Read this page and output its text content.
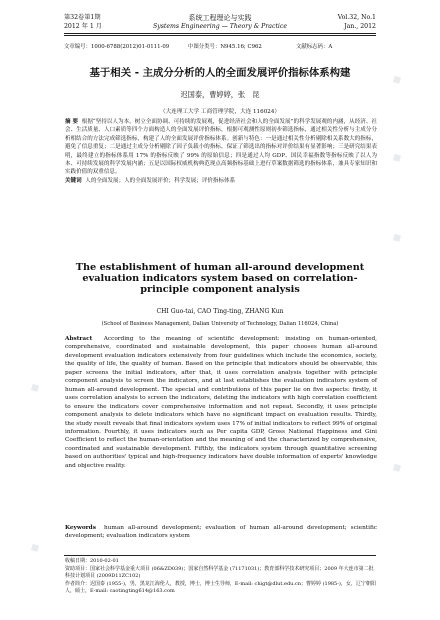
第32卷第1期
2012 年 1 月
系统工程理论与实践
Systems Engineering — Theory & Practice
Vol.32, No.1
Jan., 2012
文章编号：1000-6788(2012)01-0111-09	中图分类号：N945.16; C962	文献标志码：A
基于相关 - 主成分分析的人的全面发展评价指标体系构建
迟国泰，曹婷婷，张　昆
（大连理工大学 工商管理学院，大连 116024）
摘 要 根据“坚持以人为本，树立全面协调、可持续的发展观，促进经济社会和人的全面发展”的科学发展观的内涵，从经济、社会、生活质量、人口素质等四个方面构造人的全面发展评价指标，根据可观测性原则初步筛选指标，通过相关性分析与主成分分析相结合的方法完成筛选指标，构建了人的全面发展评价指标体系。创新与特色：一是通过相关性分析剔除相关系数大的指标，避免了信息重复；二是通过主成分分析剔除了因子负载小的指标，保证了筛选出的指标对评价结果有显著影响；三是研究结果表明，最终建立的指标体系用 17% 的指标反映了 99% 的原始信息；四是通过人均 GDP、国民幸福指数等指标反映了以人为本、可持续发展的科学发展内涵；五是以国际权威机构典范现点高频指标基础上进行草案数据筛选的指标体系，兼具专家知识和实践价值的双重信息。
关键词 人的全面发展；人的全面发展评价；科学发展；评价指标体系
The establishment of human all-around development evaluation indicators system based on correlation-principle component analysis
CHI Guo-tai, CAO Ting-ting, ZHANG Kun
(School of Business Management, Dalian University of Technology, Dalian 116024, China)
Abstract According to the meaning of scientific development: insisting on human-oriented, comprehensive, coordinated and sustainable development, this paper chooses human all-around development evaluation indicators extensively from four guidelines which include the economics, society, the quality of life, the quality of human. Based on the principle that indicators should be observable, this paper screens the initial indicators, after that, it uses correlation analysis together with principle component analysis to screen the indicators, and at last establishes the evaluation indicators system of human all-around development. The special and contributions of this paper lie on five aspects: firstly, it uses correlation analysis to screen the indicators, deleting the indicators with high correlation coefficient to ensure the indicators cover comprehensive information and not repeat. Secondly, it uses principle component analysis to delete indicators which have no significant impact on evaluation results. Thirdly, the study result reveals that final indicators system uses 17% of initial indicators to reflect 99% of original information. Fourthly, it uses indicators such as Per capita GDP, Gross National Happiness and Gini Coefficient to reflect the human-orientation and the meaning of and the characterized by comprehensive, coordinated and sustainable development. Fifthly, the indicators system through quantitative screening based on authorities' typical and high-frequency indicators have double information of experts' knowledge and objective reality.
Keywords human all-around development; evaluation of human all-around development; scientific development; evaluation indicators system
收稿日期：2010-02-01
资助项目：国家社会科学基金重大项目 (06&ZD039)；国家自然科学基金 (71171031)；教育部科学技术研究项目；2009 年大连市第二批科技计划项目 (2009D11ZC102)
作者简介：迟国泰 (1955-)，男，黑龙江海伦人，教授，博士，博士生导师，E-mail: chigt@dlut.edu.cn；曹婷婷 (1985-)，女，辽宁朝阳人，硕士，E-mail: caotingting614@163.com
◆
◆
◆
◆
◆
◆
